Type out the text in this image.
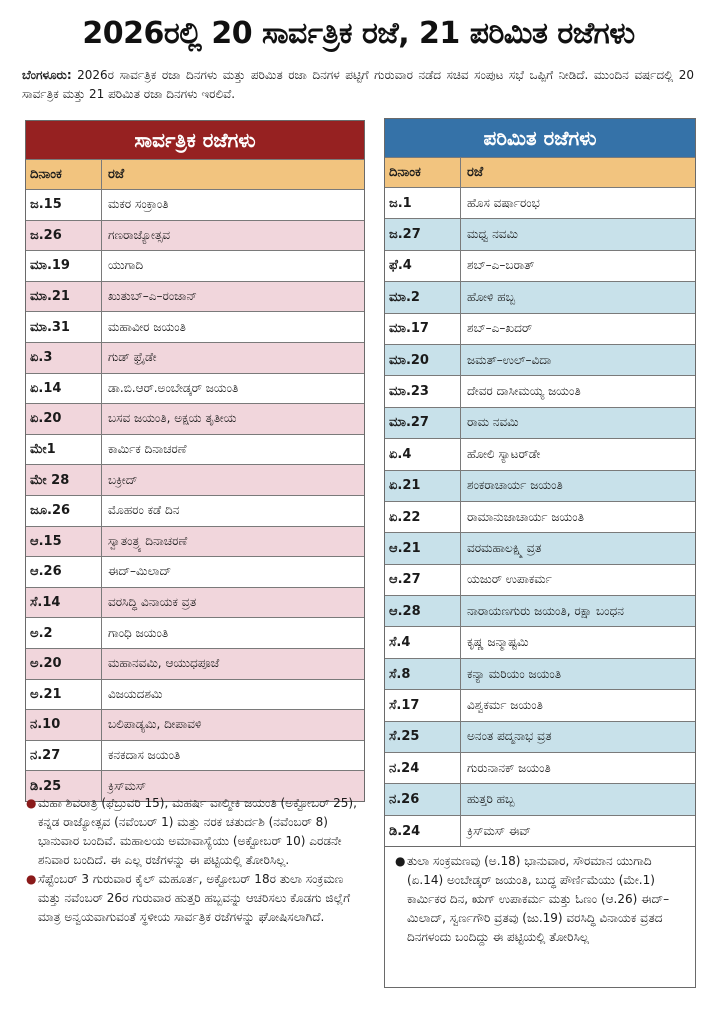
2026ರಲ್ಲಿ 20 ಸಾರ್ವತ್ರಿಕ ರಜೆ, 21 ಪರಿಮಿತ ರಜೆಗಳು
ಬೆಂಗಳೂರು: 2026ರ ಸಾರ್ವತ್ರಿಕ ರಜಾ ದಿನಗಳು ಮತ್ತು ಪರಿಮಿತ ರಜಾ ದಿನಗಳ ಪಟ್ಟಿಗೆ ಗುರುವಾರ ನಡೆದ ಸಚಿವ ಸಂಪುಟ ಸಭೆ ಒಪ್ಪಿಗೆ ನೀಡಿದೆ. ಮುಂದಿನ ವರ್ಷದಲ್ಲಿ 20 ಸಾರ್ವತ್ರಿಕ ಮತ್ತು 21 ಪರಿಮಿತ ರಜಾ ದಿನಗಳು ಇರಲಿವೆ.
ಸಾರ್ವತ್ರಿಕ ರಜೆಗಳು
ದಿನಾಂಕ	ರಜೆ
ಜ.15	ಮಕರ ಸಂಕ್ರಾಂತಿ
ಜ.26	ಗಣರಾಜ್ಯೋತ್ಸವ
ಮಾ.19	ಯುಗಾದಿ
ಮಾ.21	ಖುತುಬ್–ಎ–ರಂಜಾನ್
ಮಾ.31	ಮಹಾವೀರ ಜಯಂತಿ
ಏ.3	ಗುಡ್ ಫ್ರೈಡೇ
ಏ.14	ಡಾ.ಬಿ.ಆರ್.ಅಂಬೇಡ್ಕರ್ ಜಯಂತಿ
ಏ.20	ಬಸವ ಜಯಂತಿ, ಅಕ್ಷಯ ತೃತೀಯ
ಮೇ1	ಕಾರ್ಮಿಕ ದಿನಾಚರಣೆ
ಮೇ 28	ಬಕ್ರೀದ್
ಜೂ.26	ಮೊಹರಂ ಕಡೆ ದಿನ
ಆ.15	ಸ್ವಾತಂತ್ರ್ಯ ದಿನಾಚರಣೆ
ಆ.26	ಈದ್–ಮಿಲಾದ್
ಸೆ.14	ವರಸಿದ್ಧಿ ವಿನಾಯಕ ವ್ರತ
ಅ.2	ಗಾಂಧಿ ಜಯಂತಿ
ಅ.20	ಮಹಾನವಮಿ, ಆಯುಧಪೂಜೆ
ಅ.21	ವಿಜಯದಶಮಿ
ನ.10	ಬಲಿಪಾಡ್ಯಮಿ, ದೀಪಾವಳಿ
ನ.27	ಕನಕದಾಸ ಜಯಂತಿ
ಡಿ.25	ಕ್ರಿಸ್‌ಮಸ್
ಪರಿಮಿತ ರಜೆಗಳು
ದಿನಾಂಕ	ರಜೆ
ಜ.1	ಹೊಸ ವರ್ಷಾರಂಭ
ಜ.27	ಮಧ್ವ ನವಮಿ
ಫೆ.4	ಶಬ್–ಎ–ಬರಾತ್
ಮಾ.2	ಹೋಳಿ ಹಬ್ಬ
ಮಾ.17	ಶಬ್–ಎ–ಖದರ್
ಮಾ.20	ಜಮತ್–ಉಲ್–ವಿದಾ
ಮಾ.23	ದೇವರ ದಾಸೀಮಯ್ಯ ಜಯಂತಿ
ಮಾ.27	ರಾಮ ನವಮಿ
ಏ.4	ಹೋಲಿ ಸ್ಯಾಟರ್‌ಡೇ
ಏ.21	ಶಂಕರಾಚಾರ್ಯ ಜಯಂತಿ
ಏ.22	ರಾಮಾನುಜಾಚಾರ್ಯ ಜಯಂತಿ
ಆ.21	ವರಮಹಾಲಕ್ಷ್ಮಿ ವ್ರತ
ಆ.27	ಯಜುರ್ ಉಪಾಕರ್ಮ
ಆ.28	ನಾರಾಯಣಗುರು ಜಯಂತಿ, ರಕ್ಷಾ ಬಂಧನ
ಸೆ.4	ಕೃಷ್ಣ ಜನ್ಮಾಷ್ಟಮಿ
ಸೆ.8	ಕನ್ಯಾ ಮರಿಯಂ ಜಯಂತಿ
ಸೆ.17	ವಿಶ್ವಕರ್ಮ ಜಯಂತಿ
ಸೆ.25	ಅನಂತ ಪದ್ಮನಾಭ ವ್ರತ
ನ.24	ಗುರುನಾನಕ್ ಜಯಂತಿ
ನ.26	ಹುತ್ತರಿ ಹಬ್ಬ
ಡಿ.24	ಕ್ರಿಸ್‌ಮಸ್ ಈವ್
● ಮಹಾ ಶಿವರಾತ್ರಿ (ಫೆಬ್ರುವರಿ 15), ಮಹರ್ಷಿ ವಾಲ್ಮೀಕಿ ಜಯಂತಿ (ಅಕ್ಟೋಬರ್ 25), ಕನ್ನಡ ರಾಜ್ಯೋತ್ಸವ (ನವೆಂಬರ್ 1) ಮತ್ತು ನರಕ ಚತುರ್ದಶಿ (ನವೆಂಬರ್ 8) ಭಾನುವಾರ ಬಂದಿವೆ. ಮಹಾಲಯ ಅಮಾವಾಸ್ಯೆಯು (ಅಕ್ಟೋಬರ್ 10) ಎರಡನೇ ಶನಿವಾರ ಬಂದಿದೆ. ಈ ಎಲ್ಲ ರಜೆಗಳನ್ನು ಈ ಪಟ್ಟಿಯಲ್ಲಿ ತೋರಿಸಿಲ್ಲ.
● ಸೆಪ್ಟೆಂಬರ್ 3 ಗುರುವಾರ ಕೈಲ್ ಮಹೂರ್ತ, ಅಕ್ಟೋಬರ್ 18ರ ತುಲಾ ಸಂಕ್ರಮಣ ಮತ್ತು ನವೆಂಬರ್ 26ರ ಗುರುವಾರ ಹುತ್ತರಿ ಹಬ್ಬವನ್ನು ಆಚರಿಸಲು ಕೊಡಗು ಜಿಲ್ಲೆಗೆ ಮಾತ್ರ ಅನ್ವಯವಾಗುವಂತೆ ಸ್ಥಳೀಯ ಸಾರ್ವತ್ರಿಕ ರಜೆಗಳನ್ನು ಘೋಷಿಸಲಾಗಿದೆ.
● ತುಲಾ ಸಂಕ್ರಮಣವು (ಅ.18) ಭಾನುವಾರ, ಸೌರಮಾನ ಯುಗಾದಿ (ಏ.14) ಅಂಬೇಡ್ಕರ್ ಜಯಂತಿ, ಬುದ್ಧ ಪೌರ್ಣಿಮೆಯು (ಮೇ.1) ಕಾರ್ಮಿಕರ ದಿನ, ಋಗ್ ಉಪಾಕರ್ಮ ಮತ್ತು ಓಣಂ (ಆ.26) ಈದ್–ಮಿಲಾದ್, ಸ್ವರ್ಣಗೌರಿ ವ್ರತವು (ಜು.19) ವರಸಿದ್ಧಿ ವಿನಾಯಕ ವ್ರತದ ದಿನಗಳಂದು ಬಂದಿದ್ದು ಈ ಪಟ್ಟಿಯಲ್ಲಿ ತೋರಿಸಿಲ್ಲ
